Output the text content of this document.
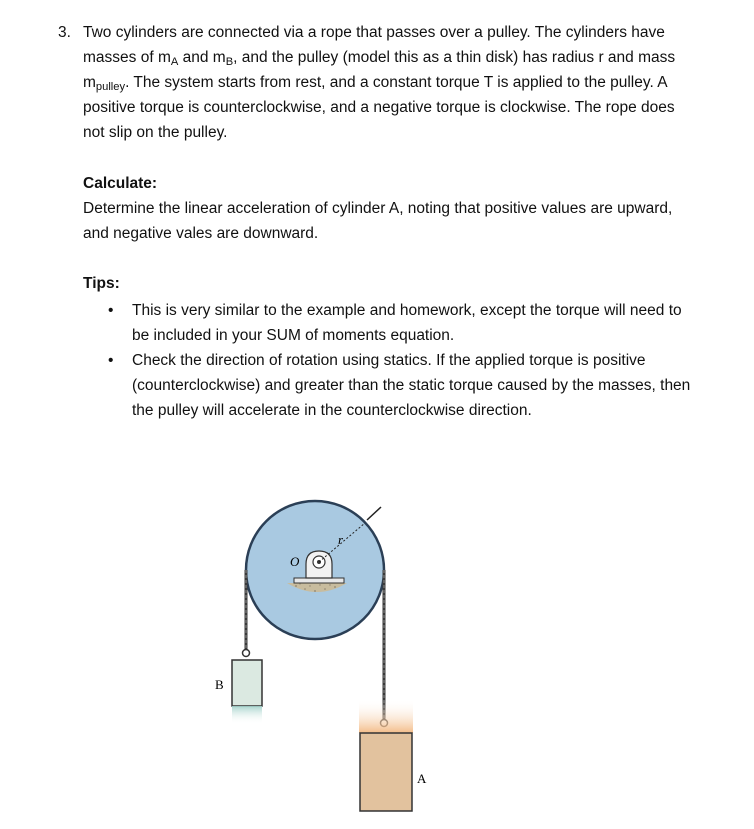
3. Two cylinders are connected via a rope that passes over a pulley. The cylinders have masses of $m_A$ and $m_B$, and the pulley (model this as a thin disk) has radius r and mass $m_{pulley}$. The system starts from rest, and a constant torque T is applied to the pulley. A positive torque is counterclockwise, and a negative torque is clockwise. The rope does not slip on the pulley.
Calculate:
Determine the linear acceleration of cylinder A, noting that positive values are upward, and negative vales are downward.
Tips:
• This is very similar to the example and homework, except the torque will need to be included in your SUM of moments equation.
• Check the direction of rotation using statics. If the applied torque is positive (counterclockwise) and greater than the static torque caused by the masses, then the pulley will accelerate in the counterclockwise direction.
O
r
B
A
